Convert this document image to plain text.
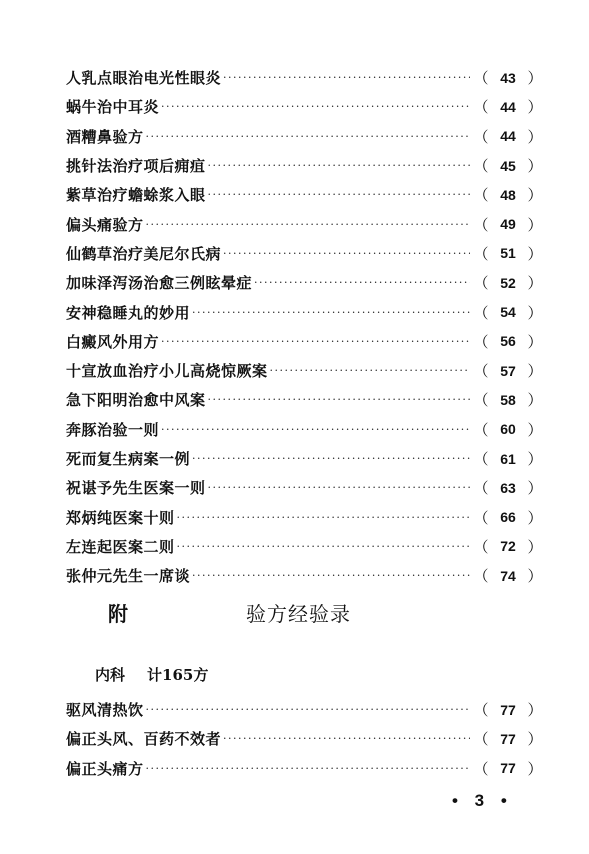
人乳点眼治电光性眼炎 ·····	（ 43 ）
蜗牛治中耳炎 ·····	（ 44 ）
酒糟鼻验方 ·····	（ 44 ）
挑针法治疗项后痈疽 ·····	（ 45 ）
紫草治疗蟾蜍浆入眼 ·····	（ 48 ）
偏头痛验方 ·····	（ 49 ）
仙鹤草治疗美尼尔氏病 ·····	（ 51 ）
加味泽泻汤治愈三例眩晕症 ·····	（ 52 ）
安神稳睡丸的妙用 ·····	（ 54 ）
白癜风外用方 ·····	（ 56 ）
十宣放血治疗小儿高烧惊厥案 ·····	（ 57 ）
急下阳明治愈中风案 ·····	（ 58 ）
奔豚治验一则 ·····	（ 60 ）
死而复生病案一例 ·····	（ 61 ）
祝谌予先生医案一则 ·····	（ 63 ）
郑炳纯医案十则 ·····	（ 66 ）
左连起医案二则 ·····	（ 72 ）
张仲元先生一席谈 ·····	（ 74 ）
附	验方经验录
内科 计165方
驱风清热饮 ·····	（ 77 ）
偏正头风、百药不效者 ·····	（ 77 ）
偏正头痛方 ·····	（ 77 ）
• 3 •
